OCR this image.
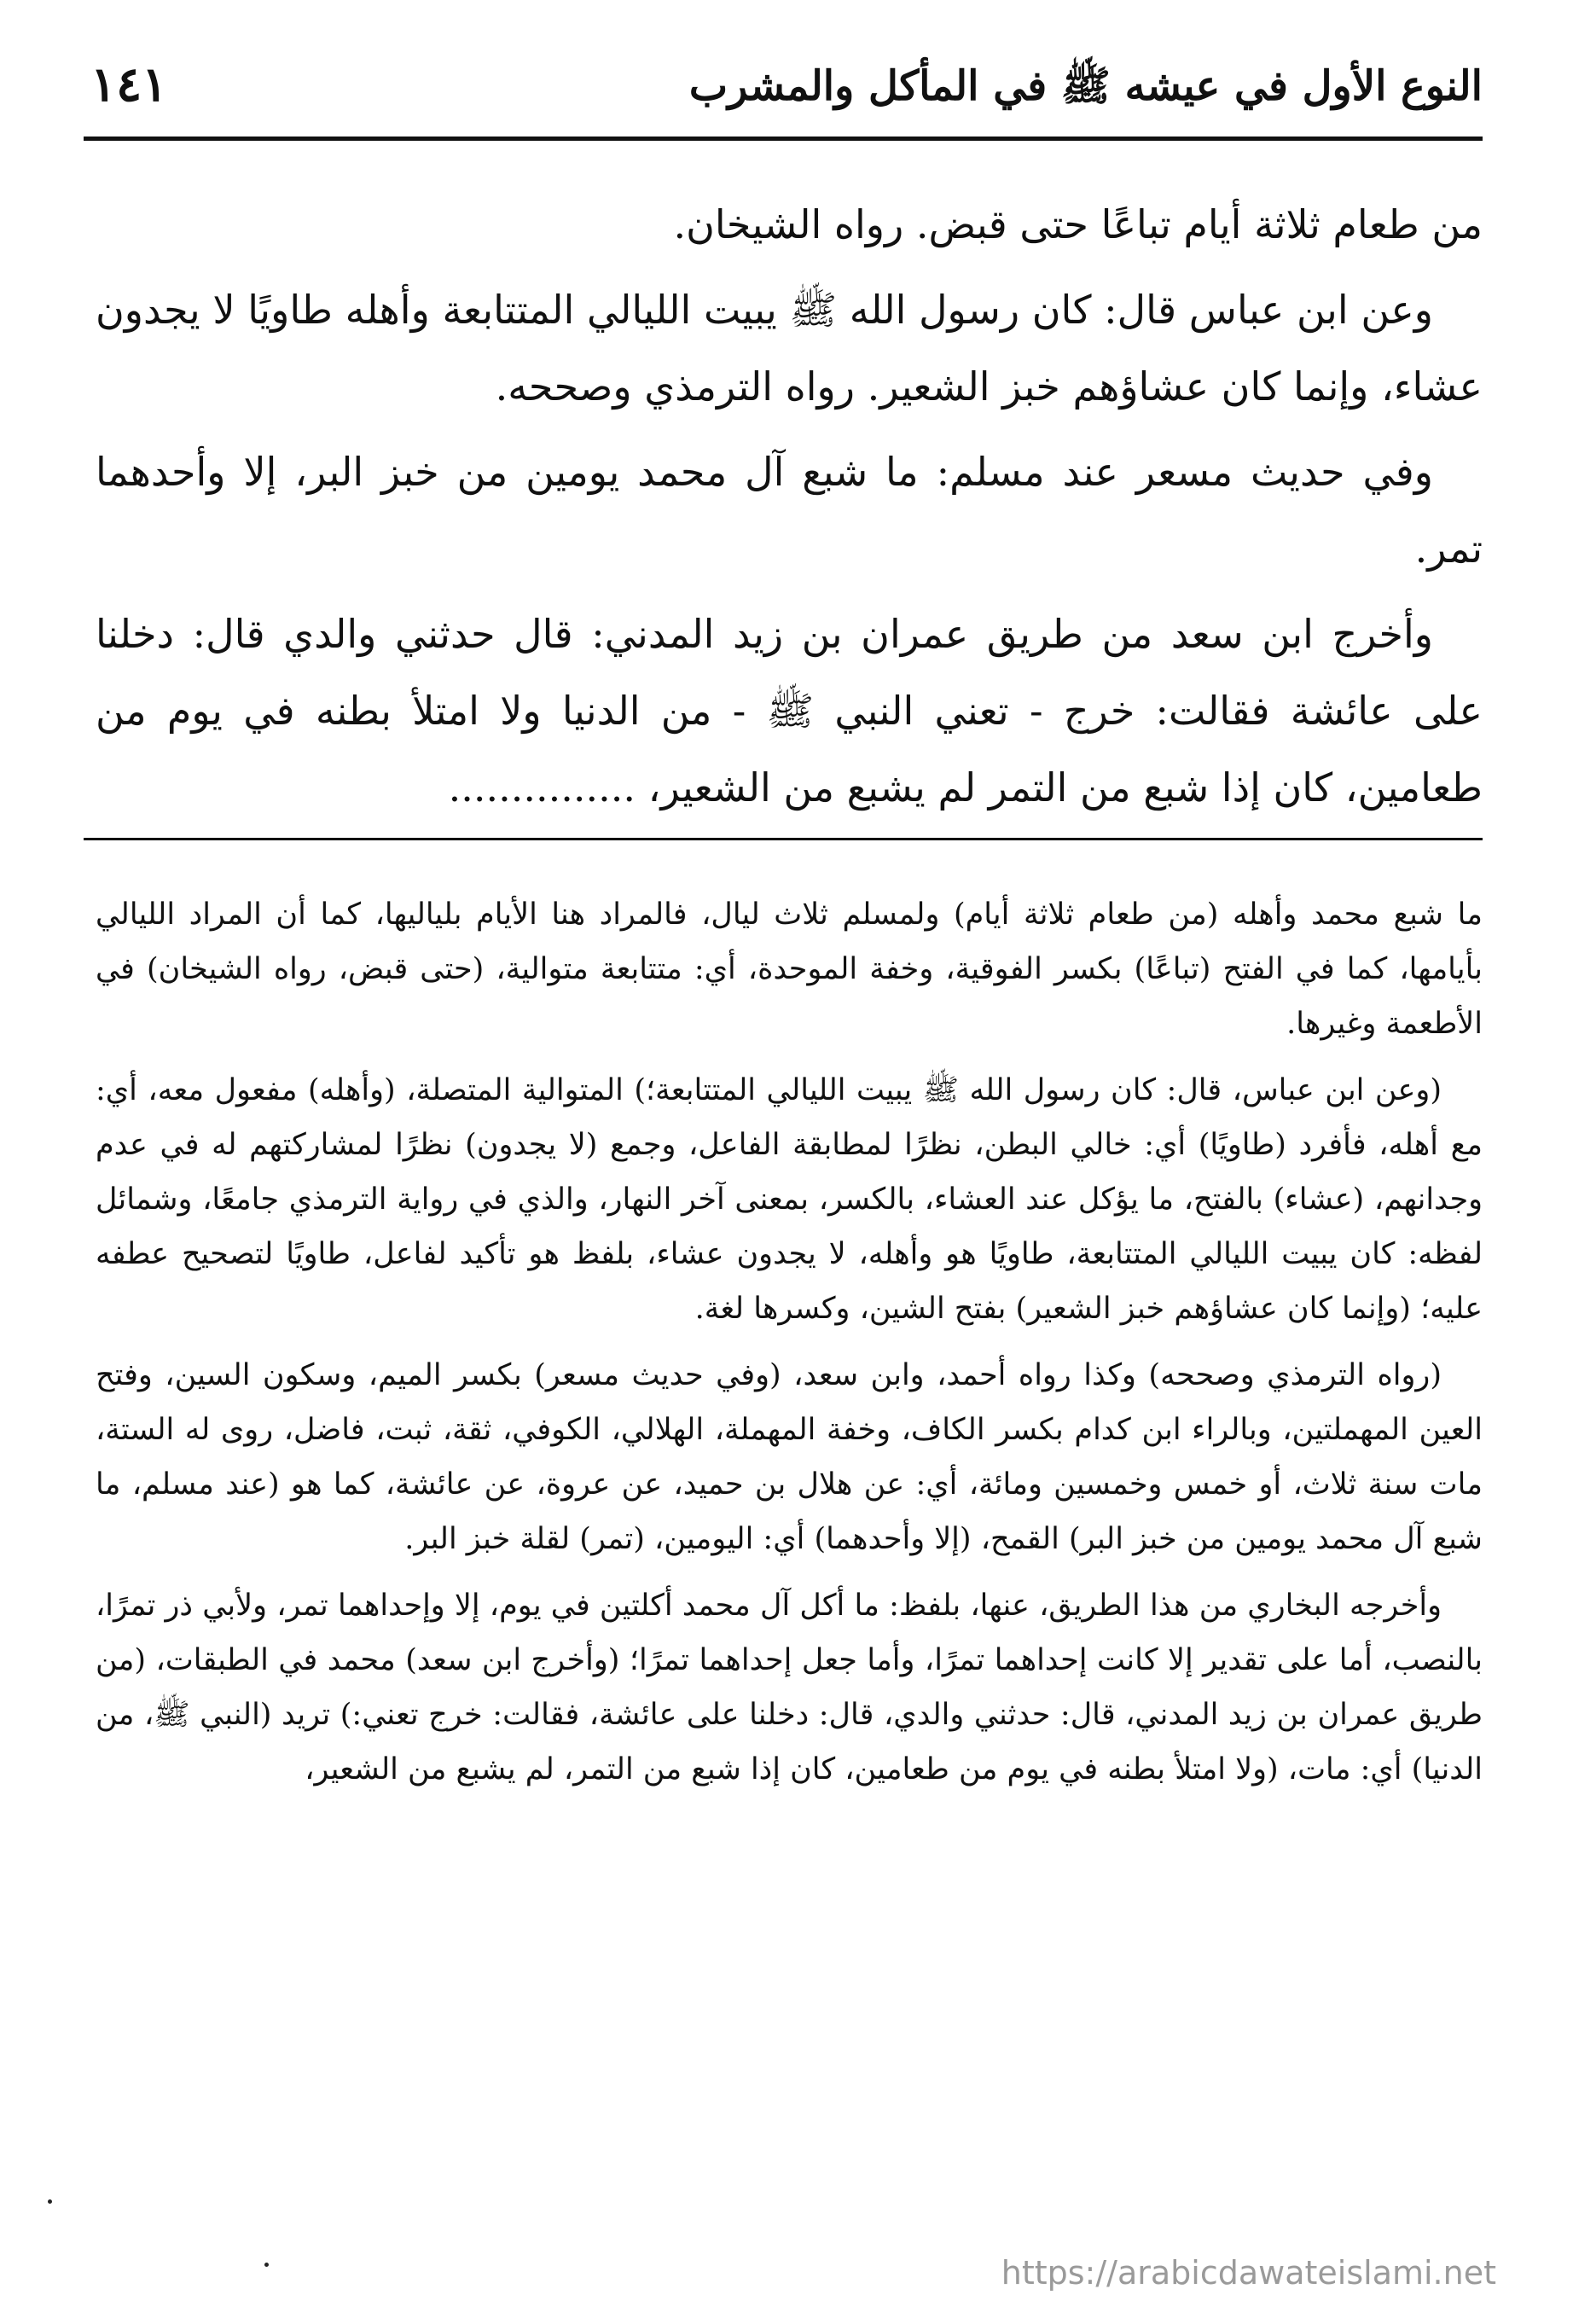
النوع الأول في عيشه ﷺ في المأكل والمشرب
١٤١

من طعام ثلاثة أيام تباعًا حتى قبض. رواه الشيخان.

وعن ابن عباس قال: كان رسول الله ﷺ يبيت الليالي المتتابعة وأهله طاويًا لا يجدون عشاء، وإنما كان عشاؤهم خبز الشعير. رواه الترمذي وصححه.

وفي حديث مسعر عند مسلم: ما شبع آل محمد يومين من خبز البر، إلا وأحدهما تمر.

وأخرج ابن سعد من طريق عمران بن زيد المدني: قال حدثني والدي قال: دخلنا على عائشة فقالت: خرج - تعني النبي ﷺ - من الدنيا ولا امتلأ بطنه في يوم من طعامين، كان إذا شبع من التمر لم يشبع من الشعير، ...............

ما شبع محمد وأهله (من طعام ثلاثة أيام) ولمسلم ثلاث ليال، فالمراد هنا الأيام بلياليها، كما أن المراد الليالي بأيامها، كما في الفتح (تباعًا) بكسر الفوقية، وخفة الموحدة، أي: متتابعة متوالية، (حتى قبض، رواه الشيخان) في الأطعمة وغيرها.

(وعن ابن عباس، قال: كان رسول الله ﷺ يبيت الليالي المتتابعة؛) المتوالية المتصلة، (وأهله) مفعول معه، أي: مع أهله، فأفرد (طاويًا) أي: خالي البطن، نظرًا لمطابقة الفاعل، وجمع (لا يجدون) نظرًا لمشاركتهم له في عدم وجدانهم، (عشاء) بالفتح، ما يؤكل عند العشاء، بالكسر، بمعنى آخر النهار، والذي في رواية الترمذي جامعًا، وشمائل لفظه: كان يبيت الليالي المتتابعة، طاويًا هو وأهله، لا يجدون عشاء، بلفظ هو تأكيد لفاعل، طاويًا لتصحيح عطفه عليه؛ (وإنما كان عشاؤهم خبز الشعير) بفتح الشين، وكسرها لغة.

(رواه الترمذي وصححه) وكذا رواه أحمد، وابن سعد، (وفي حديث مسعر) بكسر الميم، وسكون السين، وفتح العين المهملتين، وبالراء ابن كدام بكسر الكاف، وخفة المهملة، الهلالي، الكوفي، ثقة، ثبت، فاضل، روى له الستة، مات سنة ثلاث، أو خمس وخمسين ومائة، أي: عن هلال بن حميد، عن عروة، عن عائشة، كما هو (عند مسلم، ما شبع آل محمد يومين من خبز البر) القمح، (إلا وأحدهما) أي: اليومين، (تمر) لقلة خبز البر.

وأخرجه البخاري من هذا الطريق، عنها، بلفظ: ما أكل آل محمد أكلتين في يوم، إلا وإحداهما تمر، ولأبي ذر تمرًا، بالنصب، أما على تقدير إلا كانت إحداهما تمرًا، وأما جعل إحداهما تمرًا؛ (وأخرج ابن سعد) محمد في الطبقات، (من طريق عمران بن زيد المدني، قال: حدثني والدي، قال: دخلنا على عائشة، فقالت: خرج تعني:) تريد (النبي ﷺ، من الدنيا) أي: مات، (ولا امتلأ بطنه في يوم من طعامين، كان إذا شبع من التمر، لم يشبع من الشعير،

https://arabicdawateislami.net
